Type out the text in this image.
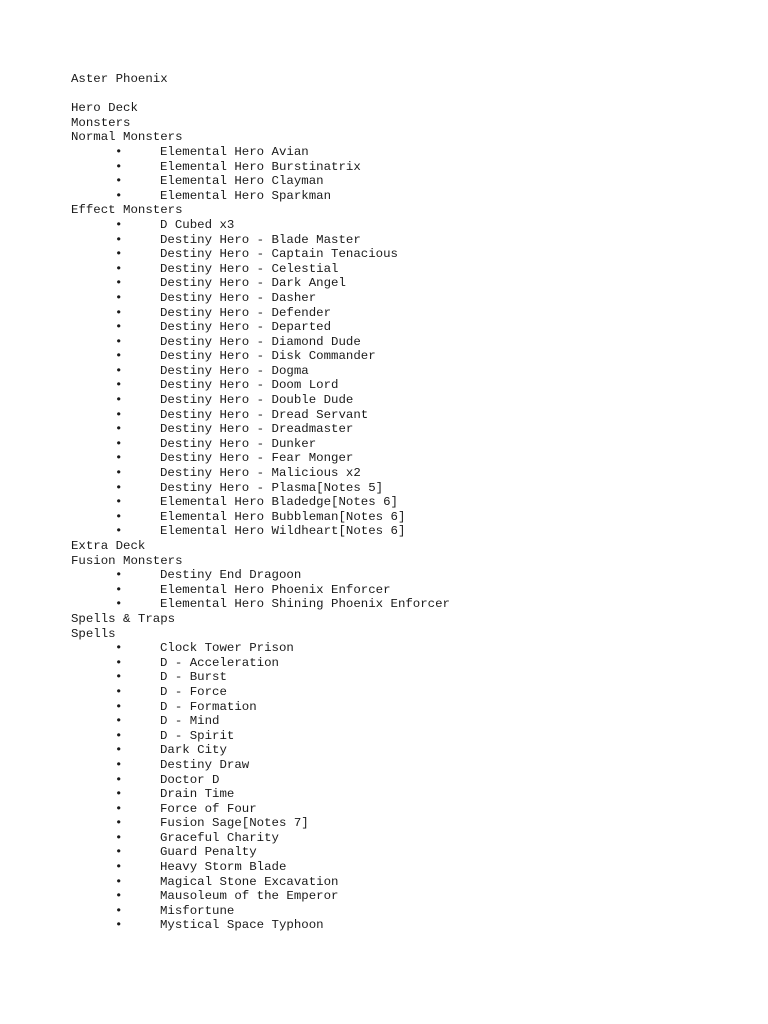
Aster Phoenix
Hero Deck
Monsters
Normal Monsters
•	Elemental Hero Avian
•	Elemental Hero Burstinatrix
•	Elemental Hero Clayman
•	Elemental Hero Sparkman
Effect Monsters
•	D Cubed x3
•	Destiny Hero - Blade Master
•	Destiny Hero - Captain Tenacious
•	Destiny Hero - Celestial
•	Destiny Hero - Dark Angel
•	Destiny Hero - Dasher
•	Destiny Hero - Defender
•	Destiny Hero - Departed
•	Destiny Hero - Diamond Dude
•	Destiny Hero - Disk Commander
•	Destiny Hero - Dogma
•	Destiny Hero - Doom Lord
•	Destiny Hero - Double Dude
•	Destiny Hero - Dread Servant
•	Destiny Hero - Dreadmaster
•	Destiny Hero - Dunker
•	Destiny Hero - Fear Monger
•	Destiny Hero - Malicious x2
•	Destiny Hero - Plasma[Notes 5]
•	Elemental Hero Bladedge[Notes 6]
•	Elemental Hero Bubbleman[Notes 6]
•	Elemental Hero Wildheart[Notes 6]
Extra Deck
Fusion Monsters
•	Destiny End Dragoon
•	Elemental Hero Phoenix Enforcer
•	Elemental Hero Shining Phoenix Enforcer
Spells & Traps
Spells
•	Clock Tower Prison
•	D - Acceleration
•	D - Burst
•	D - Force
•	D - Formation
•	D - Mind
•	D - Spirit
•	Dark City
•	Destiny Draw
•	Doctor D
•	Drain Time
•	Force of Four
•	Fusion Sage[Notes 7]
•	Graceful Charity
•	Guard Penalty
•	Heavy Storm Blade
•	Magical Stone Excavation
•	Mausoleum of the Emperor
•	Misfortune
•	Mystical Space Typhoon
